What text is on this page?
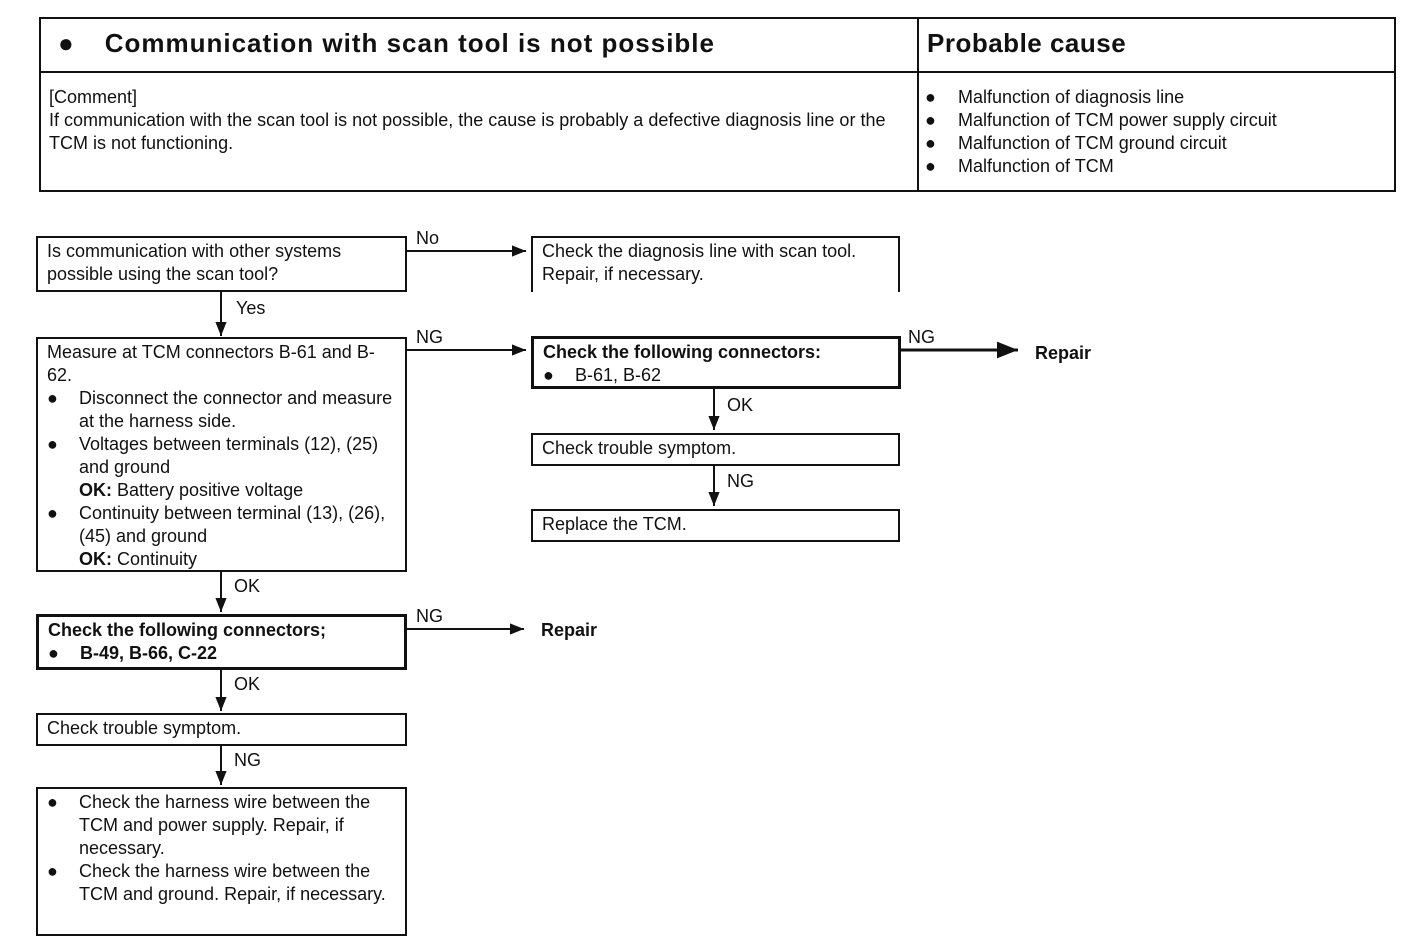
● Communication with scan tool is not possible	Probable cause
[Comment]
If communication with the scan tool is not possible, the cause is probably a defective diagnosis line or the TCM is not functioning.
● Malfunction of diagnosis line
● Malfunction of TCM power supply circuit
● Malfunction of TCM ground circuit
● Malfunction of TCM
Is communication with other systems possible using the scan tool?
No
Check the diagnosis line with scan tool. Repair, if necessary.
Yes
Measure at TCM connectors B-61 and B-62.
●	Disconnect the connector and measure at the harness side.
●	Voltages between terminals (12), (25) and ground
OK: Battery positive voltage
●	Continuity between terminal (13), (26), (45) and ground
OK: Continuity
NG
Check the following connectors:
●	B-61, B-62
NG
Repair
OK
Check trouble symptom.
NG
Replace the TCM.
OK
Check the following connectors;
●	B-49, B-66, C-22
NG
Repair
OK
Check trouble symptom.
NG
●	Check the harness wire between the TCM and power supply. Repair, if necessary.
●	Check the harness wire between the TCM and ground. Repair, if necessary.
